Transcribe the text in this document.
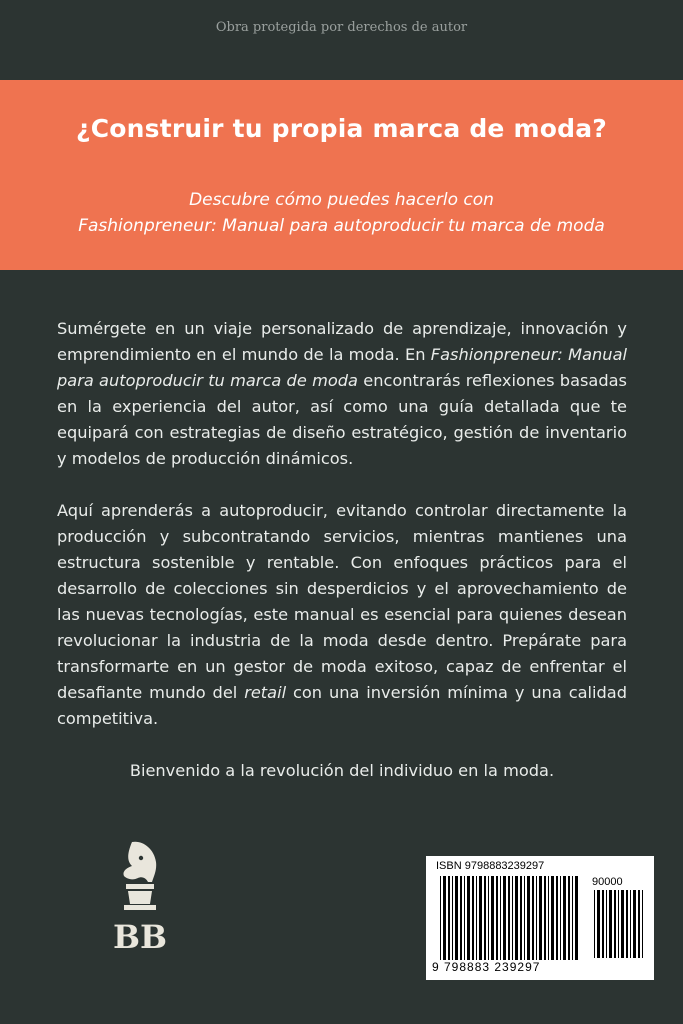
Obra protegida por derechos de autor
¿Construir tu propia marca de moda?
Descubre cómo puedes hacerlo con
Fashionpreneur: Manual para autoproducir tu marca de moda

Sumérgete en un viaje personalizado de aprendizaje, innovación y emprendimiento en el mundo de la moda. En Fashionpreneur: Manual para autoproducir tu marca de moda encontrarás reflexiones basadas en la experiencia del autor, así como una guía detallada que te equipará con estrategias de diseño estratégico, gestión de inventario y modelos de producción dinámicos.

Aquí aprenderás a autoproducir, evitando controlar directamente la producción y subcontratando servicios, mientras mantienes una estructura sostenible y rentable. Con enfoques prácticos para el desarrollo de colecciones sin desperdicios y el aprovechamiento de las nuevas tecnologías, este manual es esencial para quienes desean revolucionar la industria de la moda desde dentro. Prepárate para transformarte en un gestor de moda exitoso, capaz de enfrentar el desafiante mundo del retail con una inversión mínima y una calidad competitiva.

Bienvenido a la revolución del individuo en la moda.

BB
ISBN 9798883239297
90000
9 798883 239297
